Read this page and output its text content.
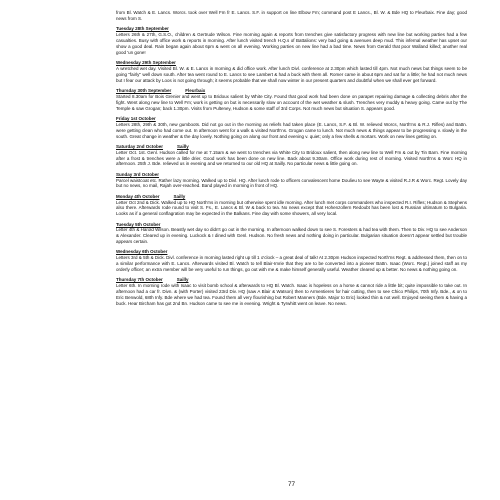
from Bl. Watch & E. Lancs. Worcs. took over Well Fm fr E. Lancs. S.F. in support on line Elbow Fm; command post E Lancs., Bl. W. & Bde HQ to Fleurbaix. Fine day; good news from S.

Tuesday 28th September

Letters 26th & 27th, G.S.O., children & Gertrude Wilson. Fine morning again & reports from trenches give satisfactory progress with new line but working parties had a few casualties. Busy with office work & reports in morning. After lunch visited trench H.Q.s of Battalions: very bad going & avenues deep mud. This infernal weather has upset our show a good deal. Rain began again about 6pm & went on all evening. Working parties on new line had a bad time. News from Gerald that poor Walland killed; another real good 'un gone!

Wednesday 29th September

A wretched wet day. Visited Bl. W. & E. Lancs in morning & did office work. After lunch Divl. conference at 2.30pm which lasted till 4pm. Not much news but things seem to be going "fairly" well down south. After tea went round to E. Lancs to see Lambert & had a buck with them all. Romer came in about 6pm and sat for a little; he had not much news but I fear our attack by Loos is not going through; it seems probable that we shall now winter in our present quarters and doubtful when we shall ever get forward.

Thursday 30th September	Fleurbaix

Started 8.30am for Bois Grenier and went up to Bridoux salient by White City. Found that good work had been done on parapet repairing damage & collecting debris after the fight. Went along new line to Well Fm; work is getting on but is necessarily slow on account of the wet weather & slush. Trenches very muddy & heavy going. Came out by The Temple & saw Grogan; back 1.30pm. Visits from Pulteney, Hudson & some staff of 3rd Corps. Not much news but situation S. appears good.

Friday 1st October

Letters 28th, 29th & 30th, new gumboots. Did not go out in the morning as reliefs had taken place (E. Lancs, S.F. & Bl. W. relieved Worcs, North'ns & R.J. Rifles) and Battn. were getting clean who had come out. In afternoon went for a walk & visited North'ns. Grogan came to lunch. Not much news & things appear to be progressing v. slowly in the south. Great change in weather & the day lovely. Nothing going on along our front and evening v. quiet; only a few shells & mortars. Work on new lines getting on.

Saturday 2nd October	Sailly

Letter Oct. 1st. Genl. Hudson called for me at 7.15am & we went to trenches via White City to Bridoux salient, then along new line to Well Fm & out by Tin Barn. Fine morning after a frost & trenches were a little drier. Good work has been done on new line. Back about 9.30am. Office work during rest of morning. Visited North'ns & Worc HQ in afternoon. 25th J. Bde. relieved us in evening and we returned to our old HQ at Sailly. No particular news & little going on.

Sunday 3rd October

Parcel waistcoat etc. Rather lazy morning. Walked up to Divl. HQ. After lunch rode to officers convalescent home Doulieu to see Wayte & visited R.J.R & Worc. Regt. Lovely day but no news, no mail, Rajah over-reached. Band played in morning in front of HQ.

Monday 4th October	Sailly

Letter Oct 2nd & Dick. Walked up to HQ North'ns in morning but otherwise spent idle morning. After lunch met corps commanders who inspected R.I. Rifles; Hudson & Stephens also there. Afterwards rode round to visit S. Fs., E. Lancs & Bl. W & back to tea. No news except that Hohenzollern Redoubt has been lost & Russian ultimatum to Bulgaria. Looks as if a general conflagration may be expected in the Balkans. Fine day with some showers, all very local.

Tuesday 5th October

Letter 4th & Harold Wilson. Beastly wet day so didn't go out in the morning. In afternoon walked down to see S. Foresters & had tea with them. Then to Div. HQ to see Anderson & Alexander. Cleared up in evening. Luckock & I dined with Genl. Hudson. No fresh news and nothing doing in particular. Bulgarian situation doesn't appear settled but trouble appears certain.

Wednesday 6th October

Letters 3rd & 5th & Dick. Divl. conference in morning lasted right up till 1 o'clock – a great deal of talk! At 2.30pm Hudson inspected North'ns Regt. & addressed them, then on to a similar performance with E. Lancs. Afterwards visited Bl. Watch to tell Blair-Imrie that they are to be converted into a pioneer Battn. Isaac (Worc. Regt.) joined staff as my orderly officer; an extra member will be very useful to run things, go out with me & make himself generally useful. Weather cleared up & better. No news & nothing going on.

Thursday 7th October	Sailly

Letter 6th. In morning rode with Isaac to visit bomb school & afterwards to HQ Bl. Watch. Isaac is hopeless on a horse & cannot ride a little bit; quite impossible to take out. In afternoon had a car fr. Divn. & (with Porter) visited 23rd Div. HQ (saw A Blair & Watson) then to Armentieres for hair cutting, then to see Chico Philips, 70th Infy. Bde., & on to Eric Benwold, 68th Infy. Bde where we had tea. Found them all very flourishing but Robert Manners (Bde. Major to Eric) looked thin & not well. Enjoyed seeing them & having a buck. Hear Bircham has got 2nd Bn. Hudson came to see me in evening. Wright & Tyrwhitt went on leave. No news.

77
